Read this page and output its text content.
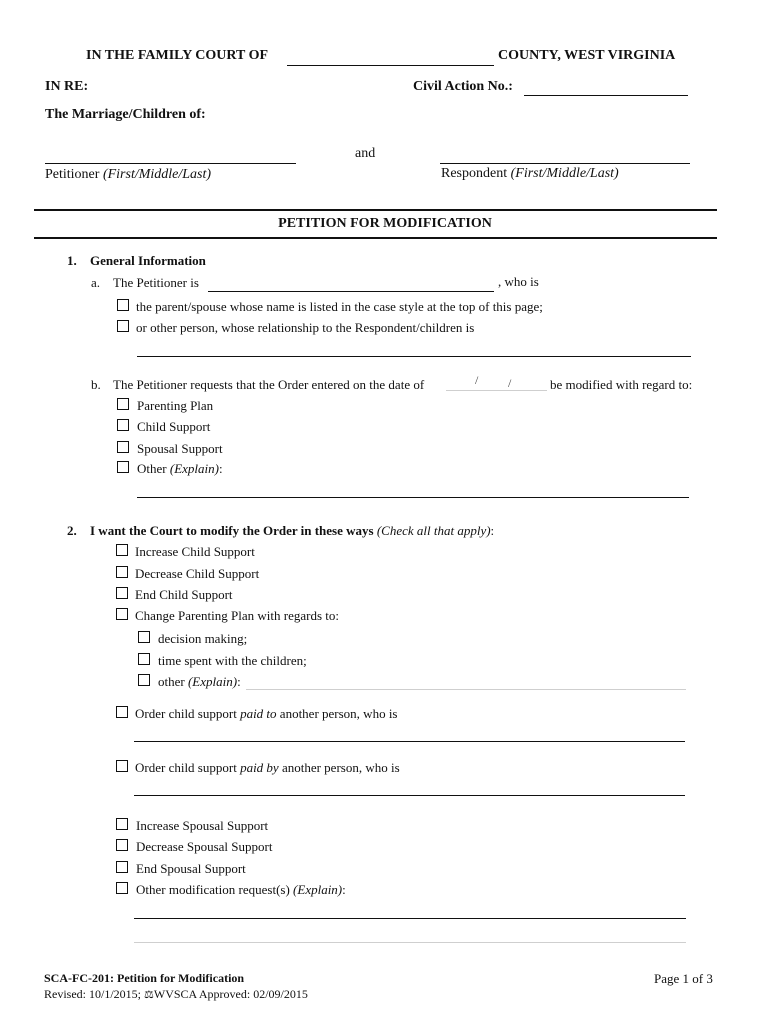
IN THE FAMILY COURT OF	COUNTY, WEST VIRGINIA
IN RE:	Civil Action No.:
The Marriage/Children of:
and
Petitioner (First/Middle/Last)	Respondent (First/Middle/Last)
PETITION FOR MODIFICATION
1. General Information
a. The Petitioner is	, who is
the parent/spouse whose name is listed in the case style at the top of this page;
or other person, whose relationship to the Respondent/children is
b. The Petitioner requests that the Order entered on the date of	/ /	be modified with regard to:
Parenting Plan
Child Support
Spousal Support
Other (Explain):
2. I want the Court to modify the Order in these ways (Check all that apply):
Increase Child Support
Decrease Child Support
End Child Support
Change Parenting Plan with regards to:
decision making;
time spent with the children;
other (Explain):
Order child support paid to another person, who is
Order child support paid by another person, who is
Increase Spousal Support
Decrease Spousal Support
End Spousal Support
Other modification request(s) (Explain):
SCA-FC-201: Petition for Modification	Page 1 of 3
Revised: 10/1/2015; ⚖WVSCA Approved: 02/09/2015
